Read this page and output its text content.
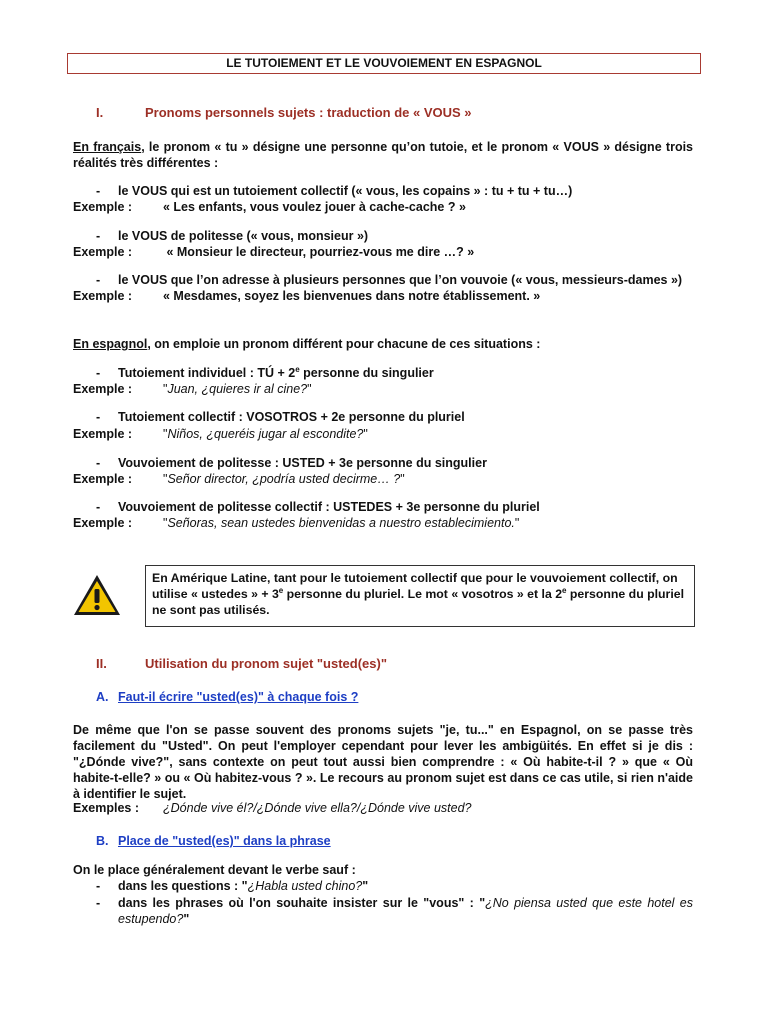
LE TUTOIEMENT ET LE VOUVOIEMENT EN ESPAGNOL
I.	Pronoms personnels sujets : traduction de « VOUS »
En français, le pronom « tu » désigne une personne qu’on tutoie, et le pronom « VOUS » désigne trois réalités très différentes :
- le VOUS qui est un tutoiement collectif (« vous, les copains » : tu + tu + tu…)
Exemple : « Les enfants, vous voulez jouer à cache-cache ? »
- le VOUS de politesse (« vous, monsieur »)
Exemple : « Monsieur le directeur, pourriez-vous me dire …? »
- le VOUS que l’on adresse à plusieurs personnes que l’on vouvoie (« vous, messieurs-dames »)
Exemple : « Mesdames, soyez les bienvenues dans notre établissement. »
En espagnol, on emploie un pronom différent pour chacune de ces situations :
- Tutoiement individuel : TÚ + $2^e$ personne du singulier
Exemple : "Juan, ¿quieres ir al cine?"
- Tutoiement collectif : VOSOTROS + 2e personne du pluriel
Exemple : "Niños, ¿queréis jugar al escondite?"
- Vouvoiement de politesse : USTED + 3e personne du singulier
Exemple : "Señor director, ¿podría usted decirme… ?"
- Vouvoiement de politesse collectif : USTEDES + 3e personne du pluriel
Exemple : "Señoras, sean ustedes bienvenidas a nuestro establecimiento."
En Amérique Latine, tant pour le tutoiement collectif que pour le vouvoiement collectif, on utilise « ustedes » + $3^e$ personne du pluriel. Le mot « vosotros » et la 2e personne du pluriel ne sont pas utilisés.
II.	Utilisation du pronom sujet "usted(es)"
A. Faut-il écrire "usted(es)" à chaque fois ?
De même que l'on se passe souvent des pronoms sujets "je, tu..." en Espagnol, on se passe très facilement du "Usted". On peut l'employer cependant pour lever les ambigüités. En effet si je dis : "¿Dónde vive?", sans contexte on peut tout aussi bien comprendre : « Où habite-t-il ? » que « Où habite-t-elle? » ou « Où habitez-vous ? ». Le recours au pronom sujet est dans ce cas utile, si rien n'aide à identifier le sujet.
Exemples : ¿Dónde vive él?/¿Dónde vive ella?/¿Dónde vive usted?
B. Place de "usted(es)" dans la phrase
On le place généralement devant le verbe sauf :
- dans les questions : "¿Habla usted chino?"
-	dans les phrases où l'on souhaite insister sur le "vous" : "¿No piensa usted que este hotel es estupendo?"
